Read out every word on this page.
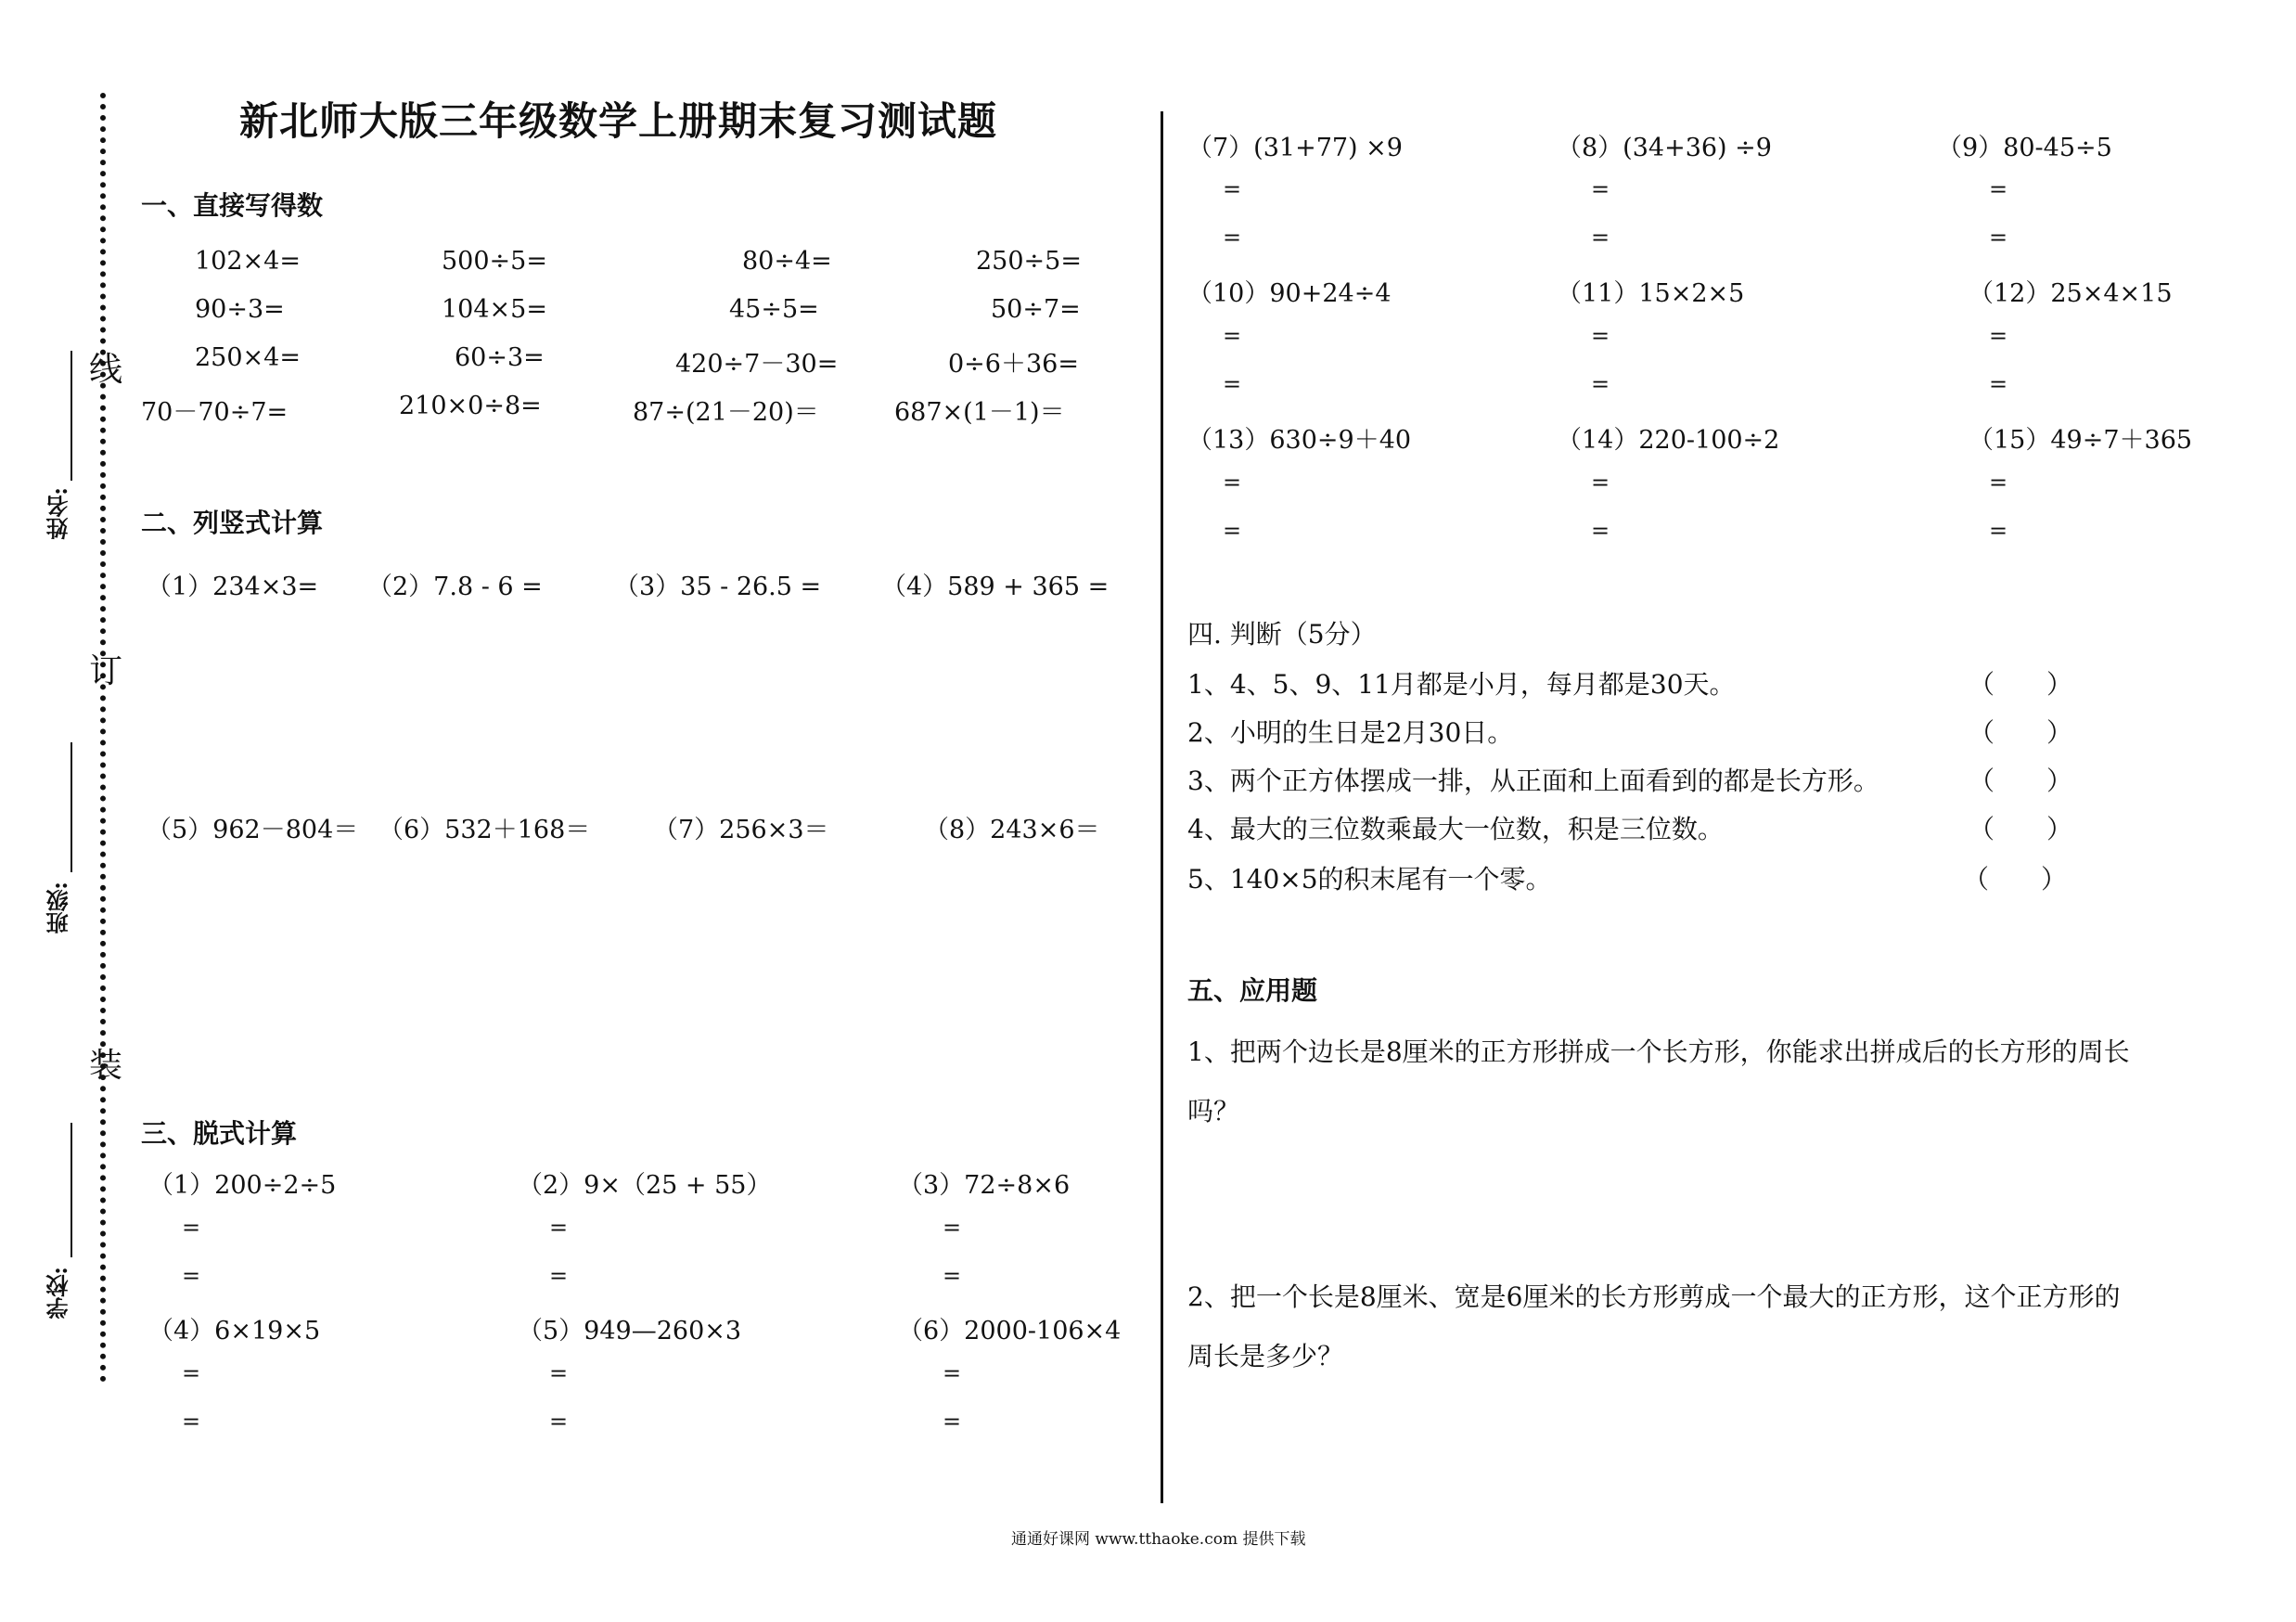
线
订
装
姓名:
班级:
学校:
新北师大版三年级数学上册期末复习测试题
一、直接写得数
102×4=	500÷5=	80÷4=	250÷5=
90÷3=	104×5=	45÷5=	50÷7=
250×4=	60÷3=	420÷7－30=	0÷6＋36=
70－70÷7=	210×0÷8=	87÷(21－20)＝	687×(1－1)＝
二、列竖式计算
（1）234×3= （2）7.8 - 6 =	（3）35 - 26.5 = （4）589 + 365 =
（5）962－804＝ （6）532＋168＝	（7）256×3＝	（8）243×6＝
三、脱式计算
（1）200÷2÷5	（2）9×（25 + 55）	（3）72÷8×6
=	=	=
=	=	=
（4）6×19×5	（5）949—260×3	（6）2000-106×4
=	=	=
=	=	=
（7）(31+77) ×9	（8）(34+36) ÷9	（9）80-45÷5
=	=	=
=	=	=
（10）90+24÷4	（11）15×2×5	（12）25×4×15
=	=	=
=	=	=
（13）630÷9＋40	（14）220-100÷2	（15）49÷7＋365
=	=	=
=	=	=
四. 判断（5分）
1、4、5、9、11月都是小月，每月都是30天。	（　　）
2、小明的生日是2月30日。	（　　）
3、两个正方体摆成一排，从正面和上面看到的都是长方形。	（　　）
4、最大的三位数乘最大一位数，积是三位数。	（　　）
5、140×5的积末尾有一个零。	（　　）
五、应用题
1、把两个边长是8厘米的正方形拼成一个长方形，你能求出拼成后的长方形的周长
吗？
2、把一个长是8厘米、宽是6厘米的长方形剪成一个最大的正方形，这个正方形的
周长是多少？
通通好课网 www.tthaoke.com 提供下载
